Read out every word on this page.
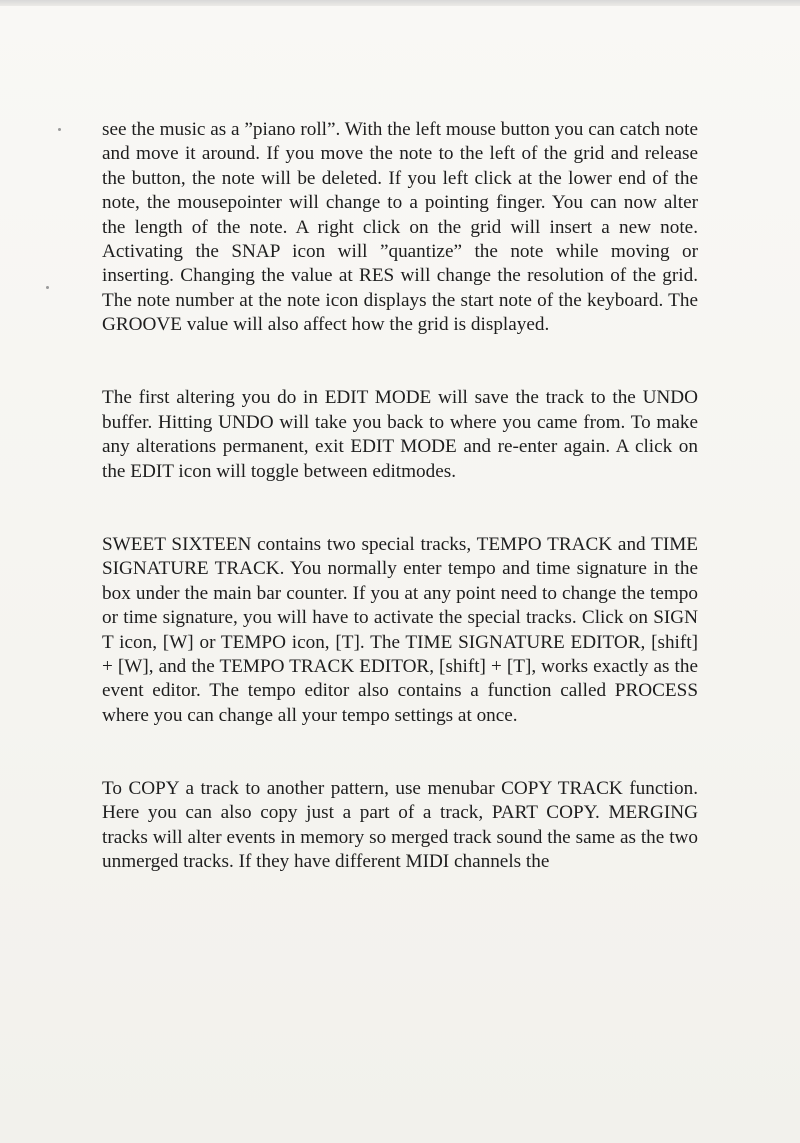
see the music as a ”piano roll”. With the left mouse button you can catch note and move it around. If you move the note to the left of the grid and release the button, the note will be deleted. If you left click at the lower end of the note, the mousepointer will change to a pointing finger. You can now alter the length of the note. A right click on the grid will insert a new note. Activating the SNAP icon will ”quantize” the note while moving or inserting. Changing the value at RES will change the resolution of the grid. The note number at the note icon displays the start note of the keyboard. The GROOVE value will also affect how the grid is displayed.

The first altering you do in EDIT MODE will save the track to the UNDO buffer. Hitting UNDO will take you back to where you came from. To make any alterations permanent, exit EDIT MODE and re-enter again. A click on the EDIT icon will toggle between editmodes.

SWEET SIXTEEN contains two special tracks, TEMPO TRACK and TIME SIGNATURE TRACK. You normally enter tempo and time signature in the box under the main bar counter. If you at any point need to change the tempo or time signature, you will have to activate the special tracks. Click on SIGN T icon, [W] or TEMPO icon, [T]. The TIME SIGNATURE EDITOR, [shift] + [W], and the TEMPO TRACK EDITOR, [shift] + [T], works exactly as the event editor. The tempo editor also contains a function called PROCESS where you can change all your tempo settings at once.

To COPY a track to another pattern, use menubar COPY TRACK function. Here you can also copy just a part of a track, PART COPY. MERGING tracks will alter events in memory so merged track sound the same as the two unmerged tracks. If they have different MIDI channels the
